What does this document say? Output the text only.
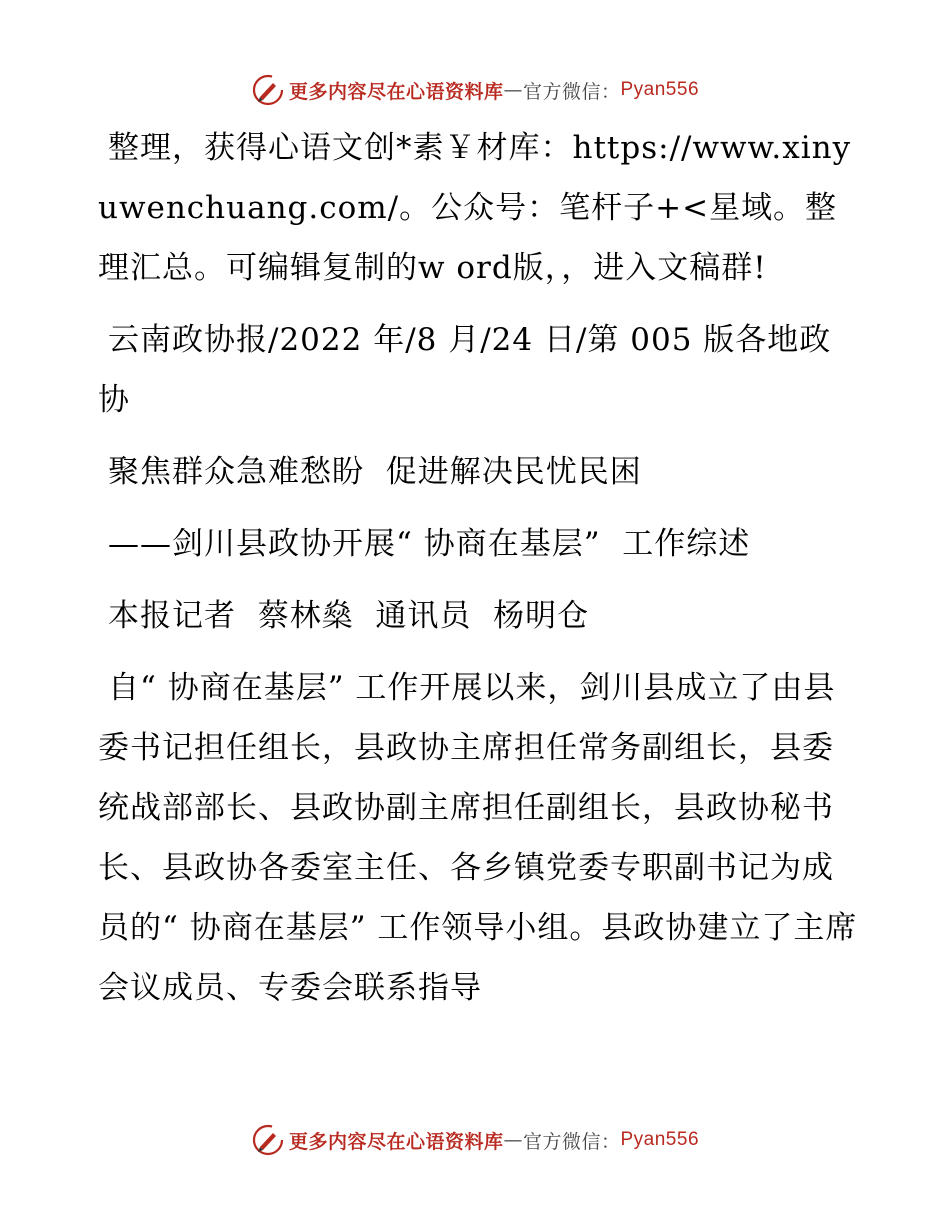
更多内容尽在心语资料库 — 官方微信： Pyan556

整理，获得心语文创*素￥材库：https://www.xinyuwenchuang.com/。公众号：笔杆子+<星域。整理汇总。可编辑复制的w ord版，，进入文稿群!

云南政协报/2022 年/8 月/24 日/第 005 版各地政协

聚焦群众急难愁盼  促进解决民忧民困

——剑川县政协开展“ 协商在基层”  工作综述

本报记者  蔡林燊  通讯员  杨明仓

自“ 协商在基层” 工作开展以来，剑川县成立了由县委书记担任组长，县政协主席担任常务副组长，县委统战部部长、县政协副主席担任副组长，县政协秘书长、县政协各委室主任、各乡镇党委专职副书记为成员的“ 协商在基层” 工作领导小组。县政协建立了主席会议成员、专委会联系指导

更多内容尽在心语资料库 — 官方微信： Pyan556
